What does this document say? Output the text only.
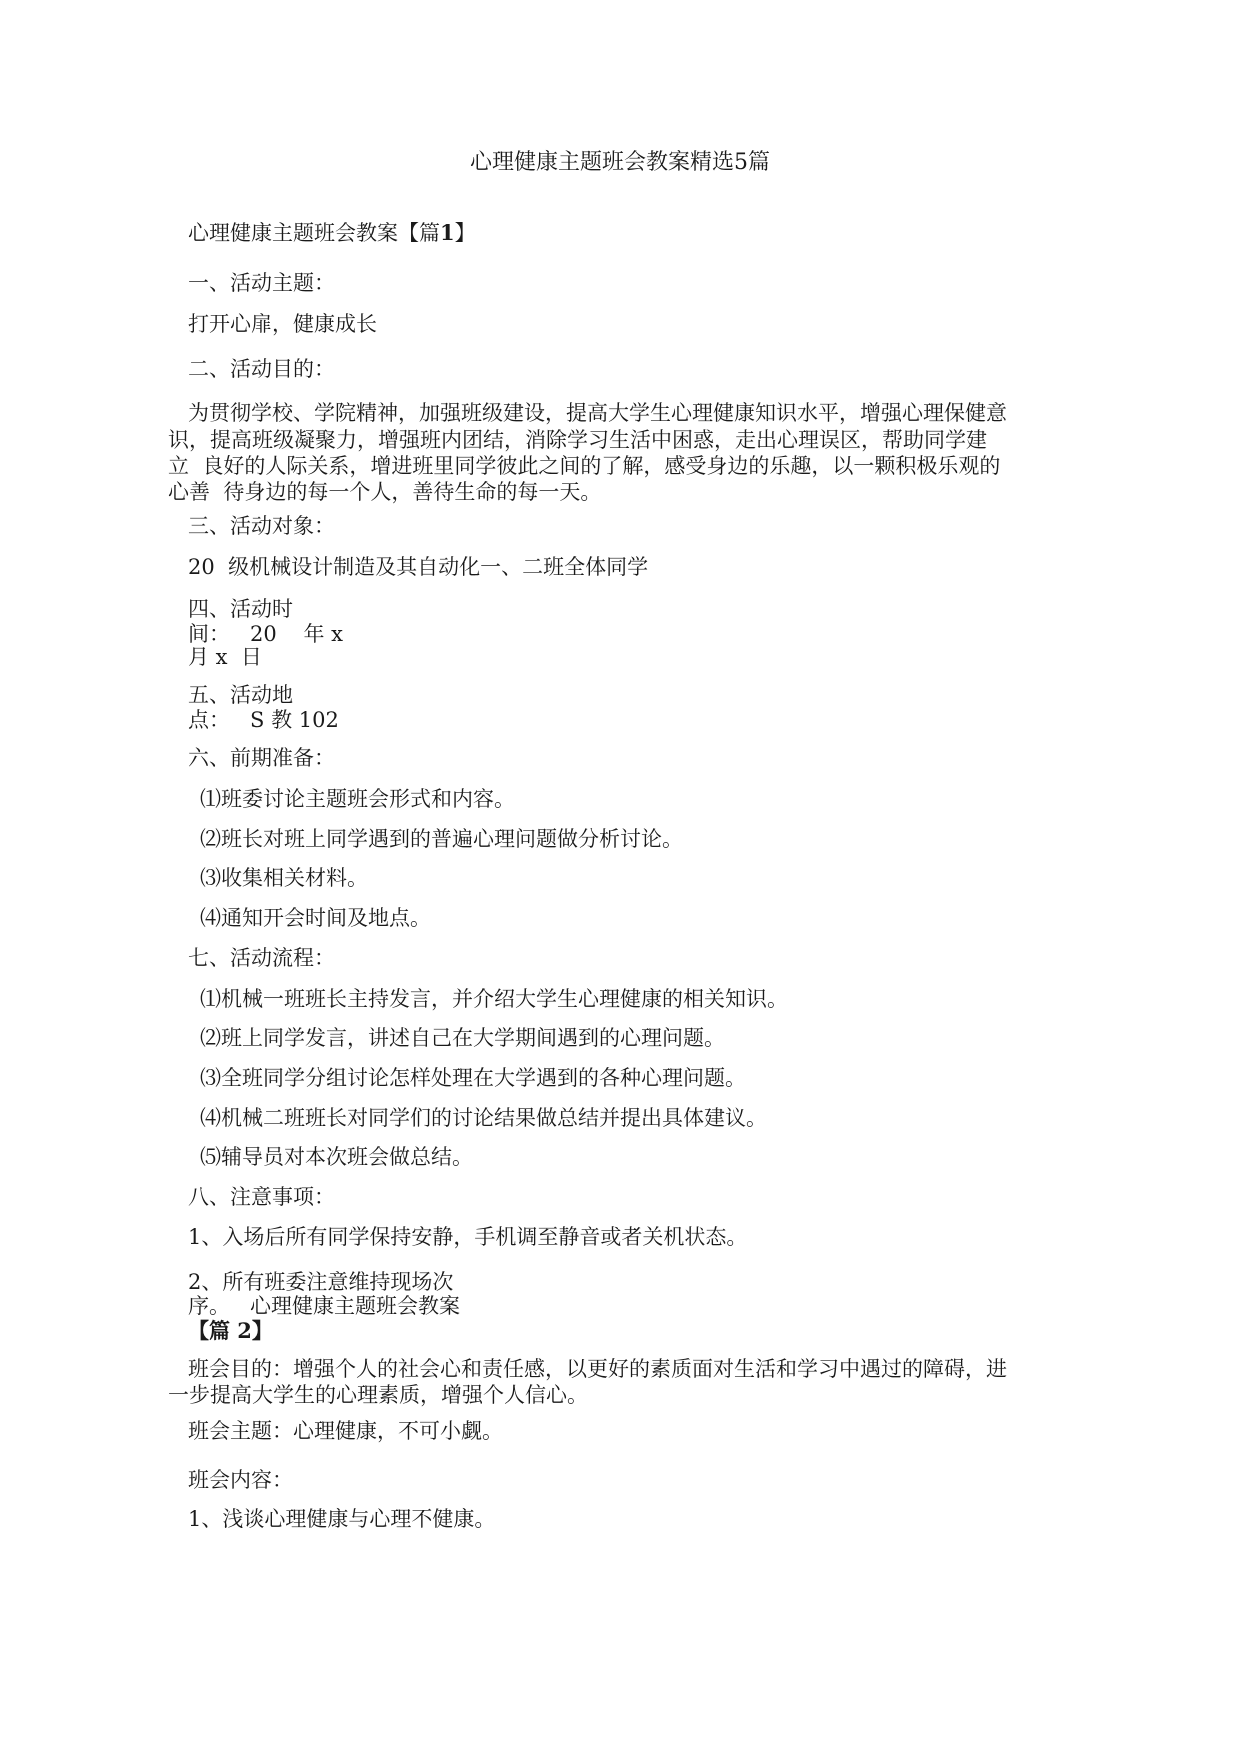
心理健康主题班会教案精选5篇
心理健康主题班会教案【篇1】
一、活动主题：
打开心扉，健康成长
二、活动目的：
为贯彻学校、学院精神，加强班级建设，提高大学生心理健康知识水平，增强心理保健意
识，提高班级凝聚力，增强班内团结，消除学习生活中困惑，走出心理误区，帮助同学建
立  良好的人际关系，增进班里同学彼此之间的了解，感受身边的乐趣，以一颗积极乐观的
心善  待身边的每一个人，善待生命的每一天。
三、活动对象：
20  级机械设计制造及其自动化一、二班全体同学
四、活动时
间：   20    年 x
月 x  日
五、活动地
点：   S 教 102
六、前期准备：
⑴班委讨论主题班会形式和内容。
⑵班长对班上同学遇到的普遍心理问题做分析讨论。
⑶收集相关材料。
⑷通知开会时间及地点。
七、活动流程：
⑴机械一班班长主持发言，并介绍大学生心理健康的相关知识。
⑵班上同学发言，讲述自己在大学期间遇到的心理问题。
⑶全班同学分组讨论怎样处理在大学遇到的各种心理问题。
⑷机械二班班长对同学们的讨论结果做总结并提出具体建议。
⑸辅导员对本次班会做总结。
八、注意事项：
1、入场后所有同学保持安静，手机调至静音或者关机状态。
2、所有班委注意维持现场次
序。   心理健康主题班会教案
【篇 2】
班会目的：增强个人的社会心和责任感，以更好的素质面对生活和学习中遇过的障碍，进
一步提高大学生的心理素质，增强个人信心。
班会主题：心理健康，不可小觑。
班会内容：
1、浅谈心理健康与心理不健康。
